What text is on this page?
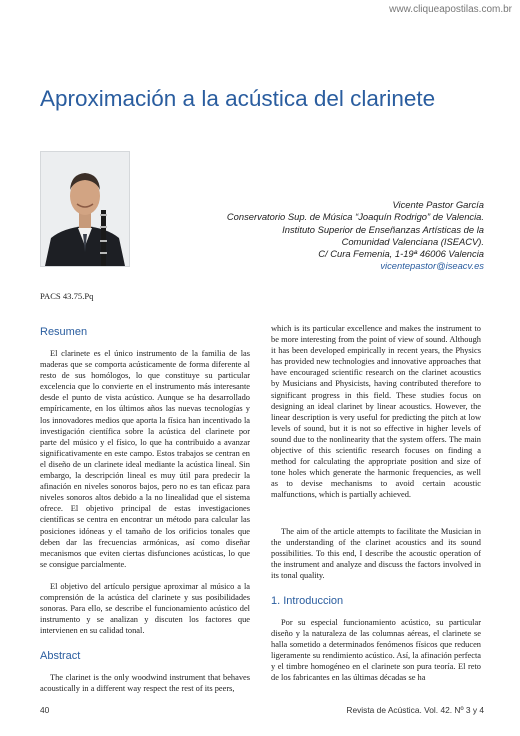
www.cliqueapostilas.com.br
Aproximación a la acústica del clarinete
Vicente Pastor García
Conservatorio Sup. de Música “Joaquín Rodrigo” de Valencia.
Instituto Superior de Enseñanzas Artísticas de la
Comunidad Valenciana (ISEACV).
C/ Cura Femenia, 1-19ª 46006 Valencia
vicentepastor@iseacv.es
PACS 43.75.Pq
Resumen

El clarinete es el único instrumento de la familia de las maderas que se comporta acústicamente de forma diferente al resto de sus homólogos, lo que constituye su particular excelencia que lo convierte en el instrumento más interesante desde el punto de vista acústico. Aunque se ha desarrollado empíricamente, en los últimos años las nuevas tecnologías y los innovadores medios que aporta la física han incentivado la investigación científica sobre la acústica del clarinete por parte del músico y el físico, lo que ha contribuido a avanzar significativamente en este campo. Estos trabajos se centran en el diseño de un clarinete ideal mediante la acústica lineal. Sin embargo, la descripción lineal es muy útil para predecir la afinación en niveles sonoros bajos, pero no es tan eficaz para niveles sonoros altos debido a la no linealidad que el sistema ofrece. El objetivo principal de estas investigaciones científicas se centra en encontrar un método para calcular las posiciones idóneas y el tamaño de los orificios tonales que deben dar las frecuencias armónicas, así como diseñar mecanismos que eviten ciertas disfunciones acústicas, lo que se consigue parcialmente.

El objetivo del artículo persigue aproximar al músico a la comprensión de la acústica del clarinete y sus posibilidades sonoras. Para ello, se describe el funcionamiento acústico del instrumento y se analizan y discuten los factores que intervienen en su calidad tonal.

Abstract

The clarinet is the only woodwind instrument that behaves acoustically in a different way respect the rest of its peers,

which is its particular excellence and makes the instrument to be more interesting from the point of view of sound. Although it has been developed empirically in recent years, the Physics has provided new technologies and innovative approaches that have encouraged scientific research on the clarinet acoustics by Musicians and Physicists, having contributed therefore to significant progress in this field. These studies focus on designing an ideal clarinet by linear acoustics. However, the linear description is very useful for predicting the pitch at low levels of sound, but it is not so effective in higher levels of sound due to the nonlinearity that the system offers. The main objective of this scientific research focuses on finding a method for calculating the appropriate position and size of tone holes which generate the harmonic frequencies, as well as to devise mechanisms to avoid certain acoustic malfunctions, which is partially achieved.

The aim of the article attempts to facilitate the Musician in the understanding of the clarinet acoustics and its sound possibilities. To this end, I describe the acoustic operation of the instrument and analyze and discuss the factors involved in its tonal quality.

1. Introduccion

Por su especial funcionamiento acústico, su particular diseño y la naturaleza de las columnas aéreas, el clarinete se halla sometido a determinados fenómenos físicos que reducen ligeramente su rendimiento acústico. Así, la afinación perfecta y el timbre homogéneo en el clarinete son pura teoría. El reto de los fabricantes en las últimas décadas se ha

40	Revista de Acústica. Vol. 42. Nº 3 y 4
